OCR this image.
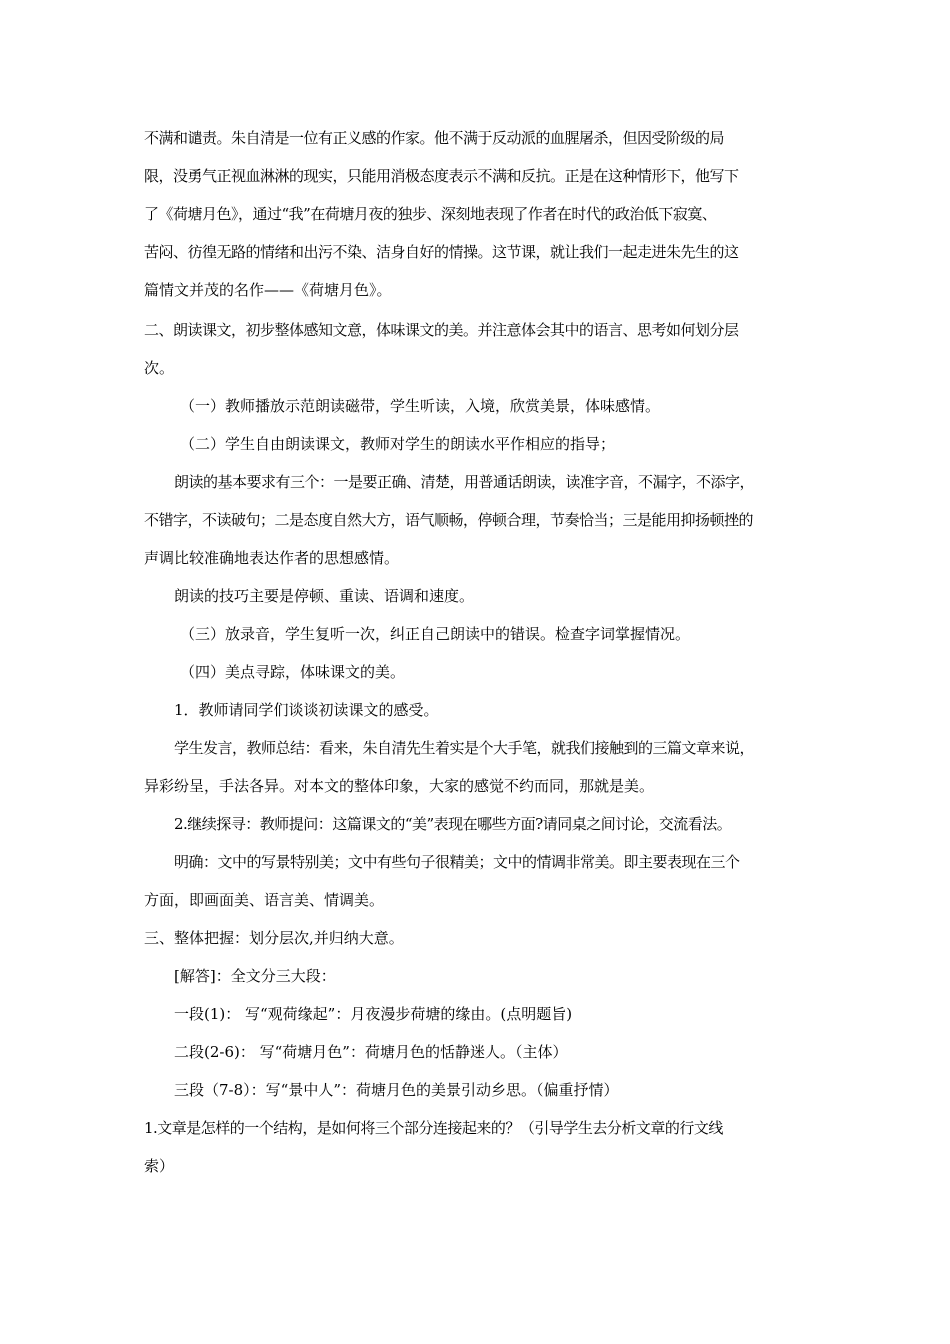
不满和谴责。朱自清是一位有正义感的作家。他不满于反动派的血腥屠杀，但因受阶级的局
限，没勇气正视血淋淋的现实，只能用消极态度表示不满和反抗。正是在这种情形下，他写下
了《荷塘月色》，通过“我”在荷塘月夜的独步、深刻地表现了作者在时代的政治低下寂寞、
苦闷、彷徨无路的情绪和出污不染、洁身自好的情操。这节课，就让我们一起走进朱先生的这
篇情文并茂的名作——《荷塘月色》。
二、朗读课文，初步整体感知文意，体味课文的美。并注意体会其中的语言、思考如何划分层
次。
（一）教师播放示范朗读磁带，学生听读，入境，欣赏美景，体味感情。
（二）学生自由朗读课文，教师对学生的朗读水平作相应的指导；
朗读的基本要求有三个：一是要正确、清楚，用普通话朗读，读准字音，不漏字，不添字，
不错字，不读破句；二是态度自然大方，语气顺畅，停顿合理，节奏恰当；三是能用抑扬顿挫的
声调比较准确地表达作者的思想感情。
朗读的技巧主要是停顿、重读、语调和速度。
（三）放录音，学生复听一次，纠正自己朗读中的错误。检查字词掌握情况。
（四）美点寻踪，体味课文的美。
1．教师请同学们谈谈初读课文的感受。
学生发言，教师总结：看来，朱自清先生着实是个大手笔，就我们接触到的三篇文章来说，
异彩纷呈，手法各异。对本文的整体印象，大家的感觉不约而同，那就是美。
2.继续探寻：教师提问：这篇课文的“美”表现在哪些方面?请同桌之间讨论，交流看法。
明确：文中的写景特别美；文中有些句子很精美；文中的情调非常美。即主要表现在三个
方面，即画面美、语言美、情调美。
三、整体把握：划分层次,并归纳大意。
[解答]：全文分三大段：
一段(1)： 写“观荷缘起”：月夜漫步荷塘的缘由。(点明题旨)
二段(2-6)： 写“荷塘月色”：荷塘月色的恬静迷人。（主体）
三段（7-8）：写“景中人”：荷塘月色的美景引动乡思。（偏重抒情）
1.文章是怎样的一个结构，是如何将三个部分连接起来的？（引导学生去分析文章的行文线
索）
